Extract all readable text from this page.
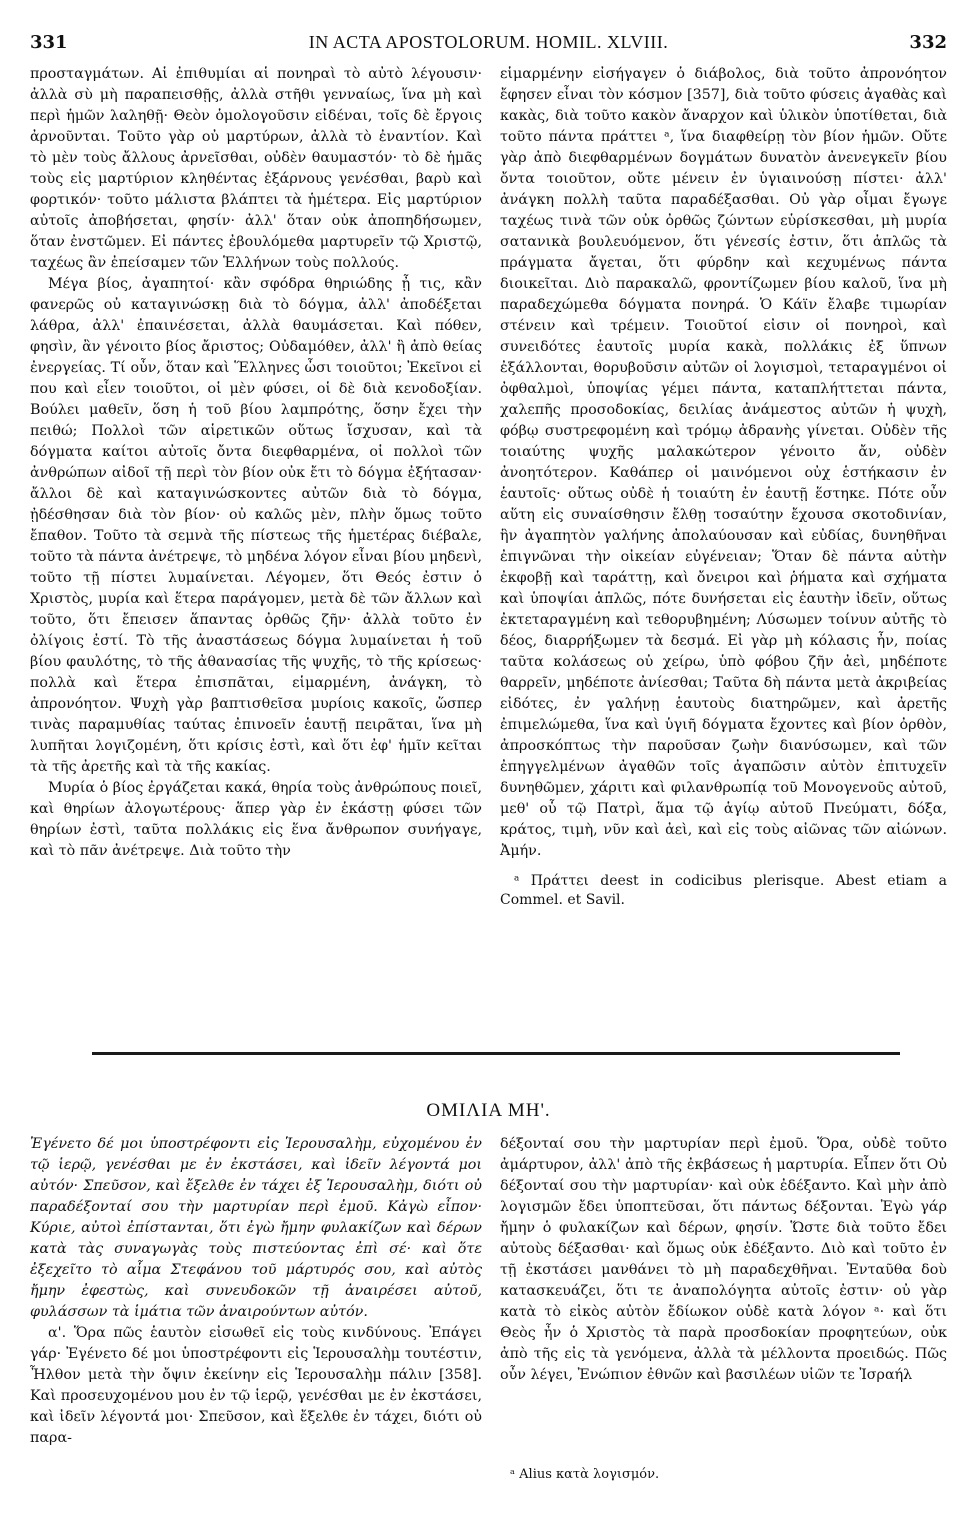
331	IN ACTA APOSTOLORUM. HOMIL. XLVIII.	332

προσταγμάτων. Αἱ ἐπιθυμίαι αἱ πονηραὶ τὸ αὐτὸ λέγουσιν· ἀλλὰ σὺ μὴ παραπεισθῇς, ἀλλὰ στῆθι γενναίως, ἵνα μὴ καὶ περὶ ἡμῶν λαληθῇ· Θεὸν ὁμολογοῦσιν εἰδέναι, τοῖς δὲ ἔργοις ἀρνοῦνται. Τοῦτο γὰρ οὐ μαρτύρων, ἀλλὰ τὸ ἐναντίον. Καὶ τὸ μὲν τοὺς ἄλλους ἀρνεῖσθαι, οὐδὲν θαυμαστόν· τὸ δὲ ἡμᾶς τοὺς εἰς μαρτύριον κληθέντας ἐξάρνους γενέσθαι, βαρὺ καὶ φορτικόν· τοῦτο μάλιστα βλάπτει τὰ ἡμέτερα. Εἰς μαρτύριον αὐτοῖς ἀποβήσεται, φησίν· ἀλλ' ὅταν οὐκ ἀποπηδήσωμεν, ὅταν ἐνστῶμεν. Εἰ πάντες ἐβουλόμεθα μαρτυρεῖν τῷ Χριστῷ, ταχέως ἂν ἐπείσαμεν τῶν Ἑλλήνων τοὺς πολλούς.

Μέγα βίος, ἀγαπητοί· κἂν σφόδρα θηριώδης ᾖ τις, κἂν φανερῶς οὐ καταγινώσκῃ διὰ τὸ δόγμα, ἀλλ' ἀποδέξεται λάθρα, ἀλλ' ἐπαινέσεται, ἀλλὰ θαυμάσεται. Καὶ πόθεν, φησὶν, ἂν γένοιτο βίος ἄριστος; Οὐδαμόθεν, ἀλλ' ἢ ἀπὸ θείας ἐνεργείας. Τί οὖν, ὅταν καὶ Ἕλληνες ὦσι τοιοῦτοι; Ἐκεῖνοι εἰ που καὶ εἶεν τοιοῦτοι, οἱ μὲν φύσει, οἱ δὲ διὰ κενοδοξίαν. Βούλει μαθεῖν, ὅση ἡ τοῦ βίου λαμπρότης, ὅσην ἔχει τὴν πειθώ; Πολλοὶ τῶν αἱρετικῶν οὕτως ἴσχυσαν, καὶ τὰ δόγματα καίτοι αὐτοῖς ὄντα διεφθαρμένα, οἱ πολλοὶ τῶν ἀνθρώπων αἰδοῖ τῇ περὶ τὸν βίον οὐκ ἔτι τὸ δόγμα ἐξήτασαν· ἄλλοι δὲ καὶ καταγινώσκοντες αὐτῶν διὰ τὸ δόγμα, ᾐδέσθησαν διὰ τὸν βίον· οὐ καλῶς μὲν, πλὴν ὅμως τοῦτο ἔπαθον. Τοῦτο τὰ σεμνὰ τῆς πίστεως τῆς ἡμετέρας διέβαλε, τοῦτο τὰ πάντα ἀνέτρεψε, τὸ μηδένα λόγον εἶναι βίου μηδενὶ, τοῦτο τῇ πίστει λυμαίνεται. Λέγομεν, ὅτι Θεός ἐστιν ὁ Χριστὸς, μυρία καὶ ἕτερα παράγομεν, μετὰ δὲ τῶν ἄλλων καὶ τοῦτο, ὅτι ἔπεισεν ἅπαντας ὀρθῶς ζῆν· ἀλλὰ τοῦτο ἐν ὀλίγοις ἐστί. Τὸ τῆς ἀναστάσεως δόγμα λυμαίνεται ἡ τοῦ βίου φαυλότης, τὸ τῆς ἀθανασίας τῆς ψυχῆς, τὸ τῆς κρίσεως· πολλὰ καὶ ἕτερα ἐπισπᾶται, εἱμαρμένη, ἀνάγκη, τὸ ἀπρονόητον. Ψυχὴ γὰρ βαπτισθεῖσα μυρίοις κακοῖς, ὥσπερ τινὰς παραμυθίας ταύτας ἐπινοεῖν ἑαυτῇ πειρᾶται, ἵνα μὴ λυπῆται λογιζομένη, ὅτι κρίσις ἐστὶ, καὶ ὅτι ἐφ' ἡμῖν κεῖται τὰ τῆς ἀρετῆς καὶ τὰ τῆς κακίας.

Μυρία ὁ βίος ἐργάζεται κακά, θηρία τοὺς ἀνθρώπους ποιεῖ, καὶ θηρίων ἀλογωτέρους· ἅπερ γὰρ ἐν ἑκάστῃ φύσει τῶν θηρίων ἐστὶ, ταῦτα πολλάκις εἰς ἕνα ἄνθρωπον συνήγαγε, καὶ τὸ πᾶν ἀνέτρεψε. Διὰ τοῦτο τὴν

εἱμαρμένην εἰσήγαγεν ὁ διάβολος, διὰ τοῦτο ἀπρονόητον ἔφησεν εἶναι τὸν κόσμον [357], διὰ τοῦτο φύσεις ἀγαθὰς καὶ κακὰς, διὰ τοῦτο κακὸν ἄναρχον καὶ ὑλικὸν ὑποτίθεται, διὰ τοῦτο πάντα πράττει ᵃ, ἵνα διαφθείρῃ τὸν βίον ἡμῶν. Οὔτε γὰρ ἀπὸ διεφθαρμένων δογμάτων δυνατὸν ἀνενεγκεῖν βίου ὄντα τοιοῦτον, οὔτε μένειν ἐν ὑγιαινούσῃ πίστει· ἀλλ' ἀνάγκη πολλὴ ταῦτα παραδέξασθαι. Οὐ γὰρ οἶμαι ἔγωγε ταχέως τινὰ τῶν οὐκ ὀρθῶς ζώντων εὑρίσκεσθαι, μὴ μυρία σατανικὰ βουλευόμενον, ὅτι γένεσίς ἐστιν, ὅτι ἁπλῶς τὰ πράγματα ἄγεται, ὅτι φύρδην καὶ κεχυμένως πάντα διοικεῖται. Διὸ παρακαλῶ, φροντίζωμεν βίου καλοῦ, ἵνα μὴ παραδεχώμεθα δόγματα πονηρά. Ὁ Κάϊν ἔλαβε τιμωρίαν στένειν καὶ τρέμειν. Τοιοῦτοί εἰσιν οἱ πονηροὶ, καὶ συνειδότες ἑαυτοῖς μυρία κακὰ, πολλάκις ἐξ ὕπνων ἐξάλλονται, θορυβοῦσιν αὐτῶν οἱ λογισμοὶ, τεταραγμένοι οἱ ὀφθαλμοὶ, ὑποψίας γέμει πάντα, καταπλήττεται πάντα, χαλεπῆς προσοδοκίας, δειλίας ἀνάμεστος αὐτῶν ἡ ψυχὴ, φόβῳ συστρεφομένη καὶ τρόμῳ ἀδρανὴς γίνεται. Οὐδὲν τῆς τοιαύτης ψυχῆς μαλακώτερον γένοιτο ἄν, οὐδὲν ἀνοητότερον. Καθάπερ οἱ μαινόμενοι οὐχ ἑστήκασιν ἐν ἑαυτοῖς· οὕτως οὐδὲ ἡ τοιαύτη ἐν ἑαυτῇ ἕστηκε. Πότε οὖν αὕτη εἰς συναίσθησιν ἔλθῃ τοσαύτην ἔχουσα σκοτοδινίαν, ἣν ἀγαπητὸν γαλήνης ἀπολαύουσαν καὶ εὐδίας, δυνηθῆναι ἐπιγνῶναι τὴν οἰκείαν εὐγένειαν; Ὅταν δὲ πάντα αὐτὴν ἐκφοβῇ καὶ ταράττῃ, καὶ ὄνειροι καὶ ῥήματα καὶ σχήματα καὶ ὑποψίαι ἁπλῶς, πότε δυνήσεται εἰς ἑαυτὴν ἰδεῖν, οὕτως ἐκτεταραγμένη καὶ τεθορυβημένη; Λύσωμεν τοίνυν αὐτῆς τὸ δέος, διαρρήξωμεν τὰ δεσμά. Εἰ γὰρ μὴ κόλασις ἦν, ποίας ταῦτα κολάσεως οὐ χείρω, ὑπὸ φόβου ζῆν ἀεὶ, μηδέποτε θαρρεῖν, μηδέποτε ἀνίεσθαι; Ταῦτα δὴ πάντα μετὰ ἀκριβείας εἰδότες, ἐν γαλήνῃ ἑαυτοὺς διατηρῶμεν, καὶ ἀρετῆς ἐπιμελώμεθα, ἵνα καὶ ὑγιῆ δόγματα ἔχοντες καὶ βίον ὀρθὸν, ἀπροσκόπτως τὴν παροῦσαν ζωὴν διανύσωμεν, καὶ τῶν ἐπηγγελμένων ἀγαθῶν τοῖς ἀγαπῶσιν αὐτὸν ἐπιτυχεῖν δυνηθῶμεν, χάριτι καὶ φιλανθρωπίᾳ τοῦ Μονογενοῦς αὐτοῦ, μεθ' οὗ τῷ Πατρὶ, ἅμα τῷ ἁγίῳ αὐτοῦ Πνεύματι, δόξα, κράτος, τιμὴ, νῦν καὶ ἀεὶ, καὶ εἰς τοὺς αἰῶνας τῶν αἰώνων. Ἀμήν.

ᵃ Πράττει deest in codicibus plerisque. Abest etiam a Commel. et Savil.

ΟΜΙΛΙΑ ΜΗ'.

Ἐγένετο δέ μοι ὑποστρέφοντι εἰς Ἱερουσαλὴμ, εὐχομένου ἐν τῷ ἱερῷ, γενέσθαι με ἐν ἐκστάσει, καὶ ἰδεῖν λέγοντά μοι αὐτόν· Σπεῦσον, καὶ ἔξελθε ἐν τάχει ἐξ Ἱερουσαλὴμ, διότι οὐ παραδέξονταί σου τὴν μαρτυρίαν περὶ ἐμοῦ. Κἀγὼ εἶπον· Κύριε, αὐτοὶ ἐπίστανται, ὅτι ἐγὼ ἤμην φυλακίζων καὶ δέρων κατὰ τὰς συναγωγὰς τοὺς πιστεύοντας ἐπὶ σέ· καὶ ὅτε ἐξεχεῖτο τὸ αἷμα Στεφάνου τοῦ μάρτυρός σου, καὶ αὐτὸς ἤμην ἐφεστὼς, καὶ συνευδοκῶν τῇ ἀναιρέσει αὐτοῦ, φυλάσσων τὰ ἱμάτια τῶν ἀναιρούντων αὐτόν.

α'. Ὅρα πῶς ἑαυτὸν εἰσωθεῖ εἰς τοὺς κινδύνους. Ἐπάγει γάρ· Ἐγένετο δέ μοι ὑποστρέφοντι εἰς Ἱερουσαλὴμ τουτέστιν, Ἦλθον μετὰ τὴν ὄψιν ἐκείνην εἰς Ἱερουσαλὴμ πάλιν [358]. Καὶ προσευχομένου μου ἐν τῷ ἱερῷ, γενέσθαι με ἐν ἐκστάσει, καὶ ἰδεῖν λέγοντά μοι· Σπεῦσον, καὶ ἔξελθε ἐν τάχει, διότι οὐ παρα-

δέξονταί σου τὴν μαρτυρίαν περὶ ἐμοῦ. Ὅρα, οὐδὲ τοῦτο ἀμάρτυρον, ἀλλ' ἀπὸ τῆς ἐκβάσεως ἡ μαρτυρία. Εἶπεν ὅτι Οὐ δέξονταί σου τὴν μαρτυρίαν· καὶ οὐκ ἐδέξαντο. Καὶ μὴν ἀπὸ λογισμῶν ἔδει ὑποπτεῦσαι, ὅτι πάντως δέξονται. Ἐγὼ γάρ ἤμην ὁ φυλακίζων καὶ δέρων, φησίν. Ὥστε διὰ τοῦτο ἔδει αὐτοὺς δέξασθαι· καὶ ὅμως οὐκ ἐδέξαντο. Διὸ καὶ τοῦτο ἐν τῇ ἐκστάσει μανθάνει τὸ μὴ παραδεχθῆναι. Ἐνταῦθα δοὺ κατασκευάζει, ὅτι τε ἀναπολόγητα αὐτοῖς ἐστιν· οὐ γὰρ κατὰ τὸ εἰκὸς αὐτὸν ἔδίωκον οὐδὲ κατὰ λόγον ᵃ· καὶ ὅτι Θεὸς ἦν ὁ Χριστὸς τὰ παρὰ προσδοκίαν προφητεύων, οὐκ ἀπὸ τῆς εἰς τὰ γενόμενα, ἀλλὰ τὰ μέλλοντα προειδώς. Πῶς οὖν λέγει, Ἐνώπιον ἐθνῶν καὶ βασιλέων υἱῶν τε Ἰσραήλ

ᵃ Alius κατὰ λογισμόν.
